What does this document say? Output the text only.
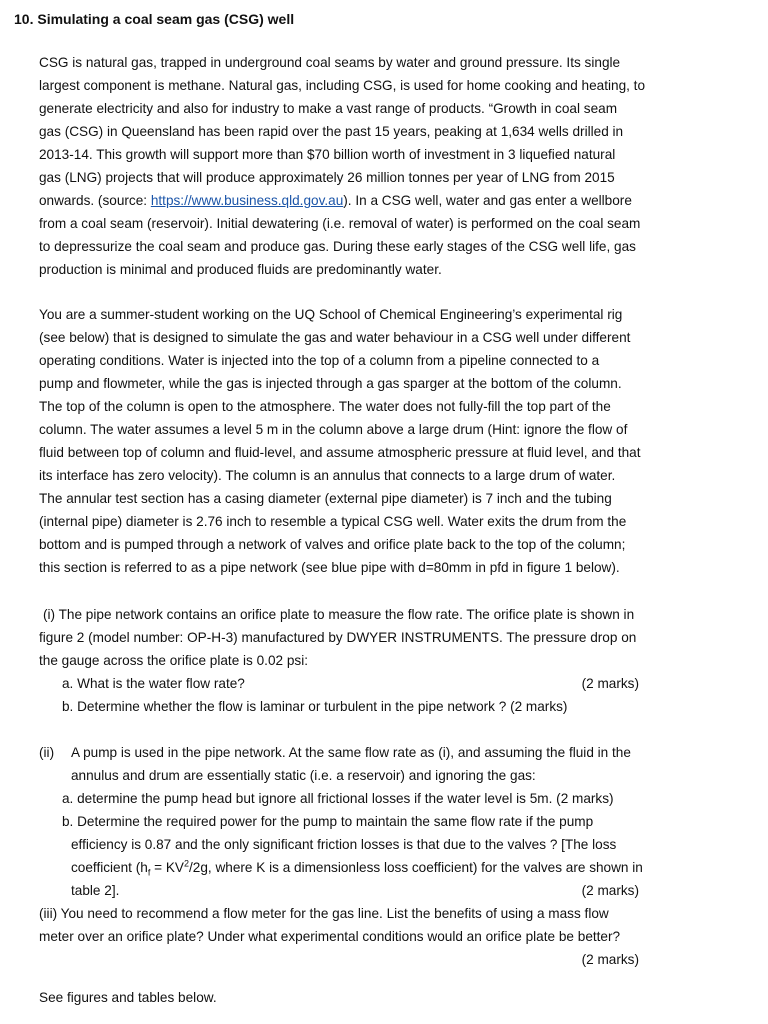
10. Simulating a coal seam gas (CSG) well
CSG is natural gas, trapped in underground coal seams by water and ground pressure. Its single
largest component is methane. Natural gas, including CSG, is used for home cooking and heating, to
generate electricity and also for industry to make a vast range of products. “Growth in coal seam
gas (CSG) in Queensland has been rapid over the past 15 years, peaking at 1,634 wells drilled in
2013-14. This growth will support more than $70 billion worth of investment in 3 liquefied natural
gas (LNG) projects that will produce approximately 26 million tonnes per year of LNG from 2015
onwards. (source: https://www.business.qld.gov.au). In a CSG well, water and gas enter a wellbore
from a coal seam (reservoir). Initial dewatering (i.e. removal of water) is performed on the coal seam
to depressurize the coal seam and produce gas. During these early stages of the CSG well life, gas
production is minimal and produced fluids are predominantly water.
You are a summer-student working on the UQ School of Chemical Engineering’s experimental rig
(see below) that is designed to simulate the gas and water behaviour in a CSG well under different
operating conditions. Water is injected into the top of a column from a pipeline connected to a
pump and flowmeter, while the gas is injected through a gas sparger at the bottom of the column.
The top of the column is open to the atmosphere. The water does not fully-fill the top part of the
column. The water assumes a level 5 m in the column above a large drum (Hint: ignore the flow of
fluid between top of column and fluid-level, and assume atmospheric pressure at fluid level, and that
its interface has zero velocity). The column is an annulus that connects to a large drum of water.
The annular test section has a casing diameter (external pipe diameter) is 7 inch and the tubing
(internal pipe) diameter is 2.76 inch to resemble a typical CSG well. Water exits the drum from the
bottom and is pumped through a network of valves and orifice plate back to the top of the column;
this section is referred to as a pipe network (see blue pipe with d=80mm in pfd in figure 1 below).
(i) The pipe network contains an orifice plate to measure the flow rate. The orifice plate is shown in
figure 2 (model number: OP-H-3) manufactured by DWYER INSTRUMENTS. The pressure drop on
the gauge across the orifice plate is 0.02 psi:
a. What is the water flow rate?	(2 marks)
b. Determine whether the flow is laminar or turbulent in the pipe network ? (2 marks)
(ii) A pump is used in the pipe network. At the same flow rate as (i), and assuming the fluid in the
annulus and drum are essentially static (i.e. a reservoir) and ignoring the gas:
a. determine the pump head but ignore all frictional losses if the water level is 5m. (2 marks)
b. Determine the required power for the pump to maintain the same flow rate if the pump
efficiency is 0.87 and the only significant friction losses is that due to the valves ? [The loss
coefficient ($h_f = KV^2/2g$, where K is a dimensionless loss coefficient) for the valves are shown in
table 2].	(2 marks)
(iii) You need to recommend a flow meter for the gas line. List the benefits of using a mass flow
meter over an orifice plate? Under what experimental conditions would an orifice plate be better?
(2 marks)
See figures and tables below.
